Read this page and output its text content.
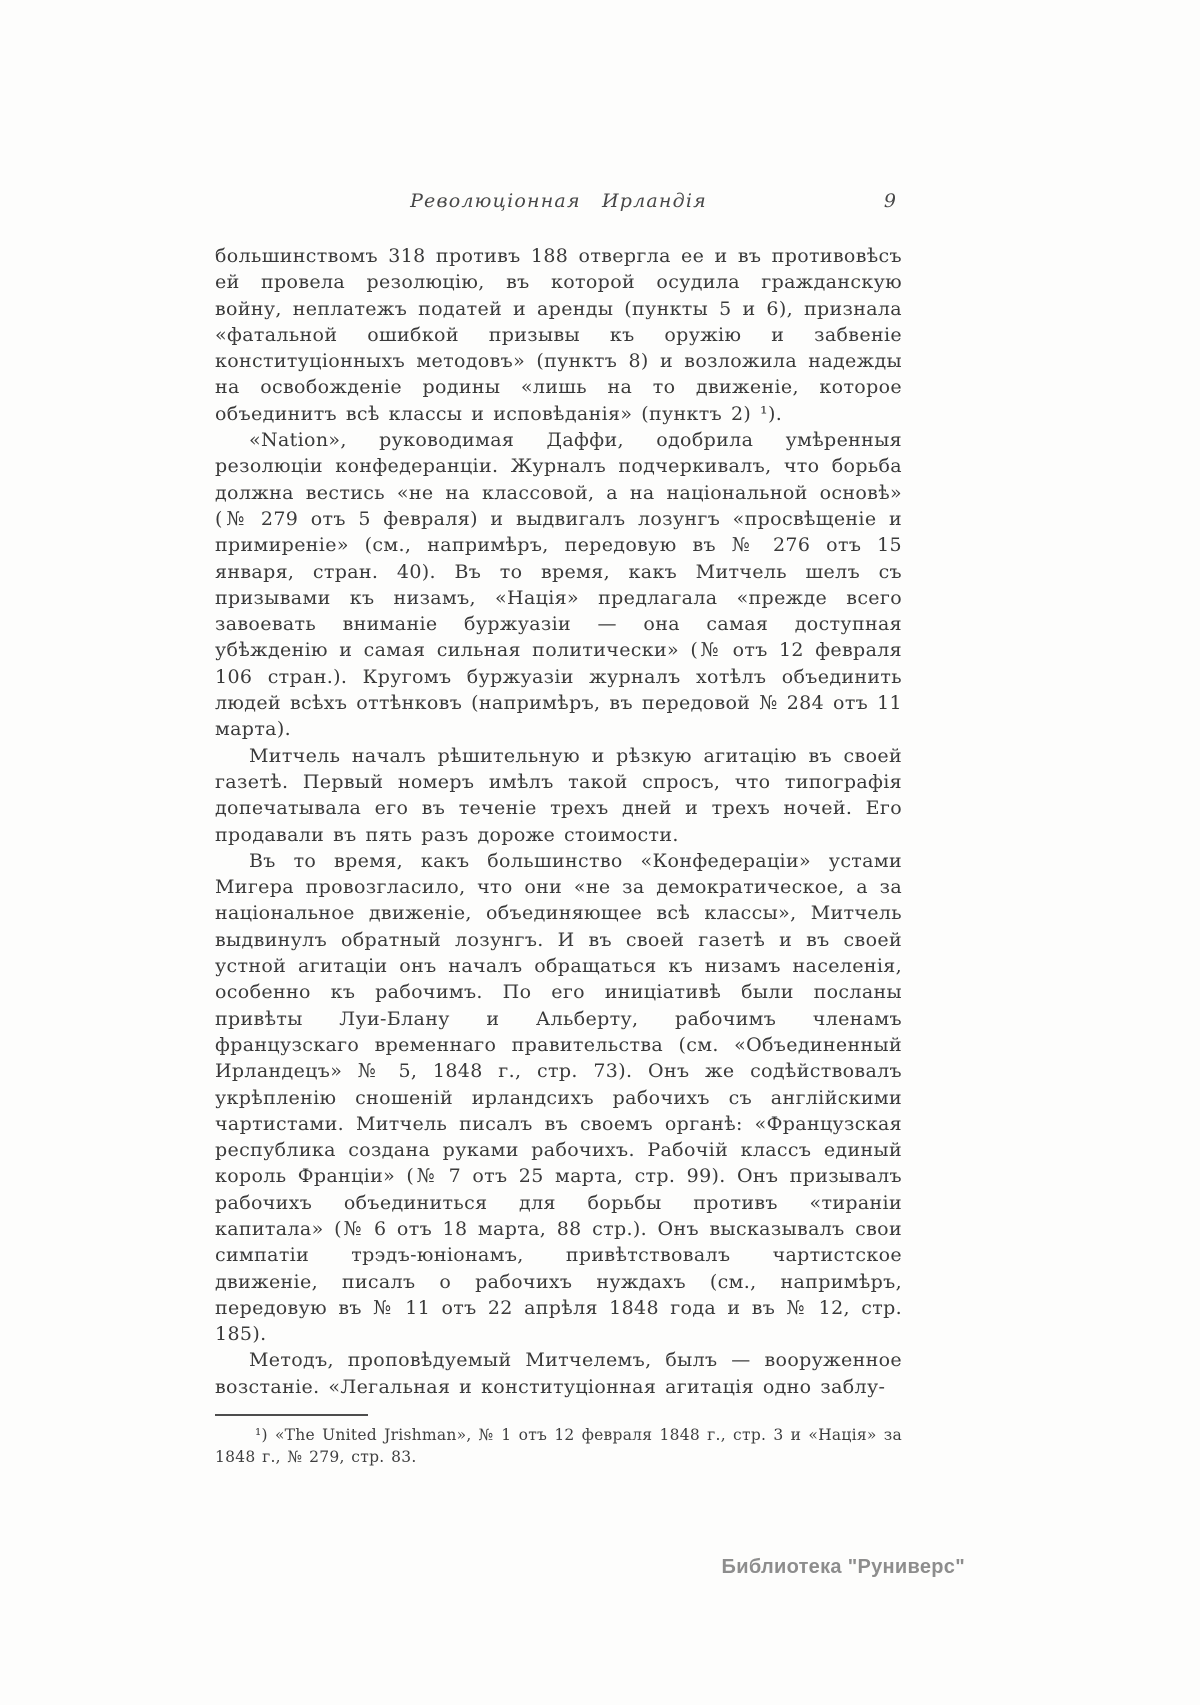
Революціонная Ирландія	9

большинствомъ 318 противъ 188 отвергла ее и въ противовѣсъ ей провела резолюцію, въ которой осудила гражданскую войну, неплатежъ податей и аренды (пункты 5 и 6), признала «фатальной ошибкой призывы къ оружію и забвеніе конституціонныхъ методовъ» (пунктъ 8) и возложила надежды на освобожденіе родины «лишь на то движеніе, которое объединитъ всѣ классы и исповѣданія» (пунктъ 2) ¹).

«Nation», руководимая Даффи, одобрила умѣренныя резолюціи конфедеранціи. Журналъ подчеркивалъ, что борьба должна вестись «не на классовой, а на національной основѣ» (№ 279 отъ 5 февраля) и выдвигалъ лозунгъ «просвѣщеніе и примиреніе» (см., напримѣръ, передовую въ № 276 отъ 15 января, стран. 40). Въ то время, какъ Митчель шелъ съ призывами къ низамъ, «Нація» предлагала «прежде всего завоевать вниманіе буржуазіи — она самая доступная убѣжденію и самая сильная политически» (№ отъ 12 февраля 106 стран.). Кругомъ буржуазіи журналъ хотѣлъ объединить людей всѣхъ оттѣнковъ (напримѣръ, въ передовой № 284 отъ 11 марта).

Митчель началъ рѣшительную и рѣзкую агитацію въ своей газетѣ. Первый номеръ имѣлъ такой спросъ, что типографія допечатывала его въ теченіе трехъ дней и трехъ ночей. Его продавали въ пять разъ дороже стоимости.

Въ то время, какъ большинство «Конфедераціи» устами Мигера провозгласило, что они «не за демократическое, а за національное движеніе, объединяющее всѣ классы», Митчель выдвинулъ обратный лозунгъ. И въ своей газетѣ и въ своей устной агитаціи онъ началъ обращаться къ низамъ населенія, особенно къ рабочимъ. По его иниціативѣ были посланы привѣты Луи-Блану и Альберту, рабочимъ членамъ французскаго временнаго правительства (см. «Объединенный Ирландецъ» № 5, 1848 г., стр. 73). Онъ же содѣйствовалъ укрѣпленію сношеній ирландсихъ рабочихъ съ англійскими чартистами. Митчель писалъ въ своемъ органѣ: «Французская республика создана руками рабочихъ. Рабочій классъ единый король Франціи» (№ 7 отъ 25 марта, стр. 99). Онъ призывалъ рабочихъ объединиться для борьбы противъ «тираніи капитала» (№ 6 отъ 18 марта, 88 стр.). Онъ высказывалъ свои симпатіи трэдъ-юніонамъ, привѣтствовалъ чартистское движеніе, писалъ о рабочихъ нуждахъ (см., напримѣръ, передовую въ № 11 отъ 22 апрѣля 1848 года и въ № 12, стр. 185).

Методъ, проповѣдуемый Митчелемъ, былъ — вооруженное возстаніе. «Легальная и конституціонная агитація одно заблу-

¹) «The United Jrishman», № 1 отъ 12 февраля 1848 г., стр. 3 и «Нація» за 1848 г., № 279, стр. 83.

Библиотека "Руниверс"
